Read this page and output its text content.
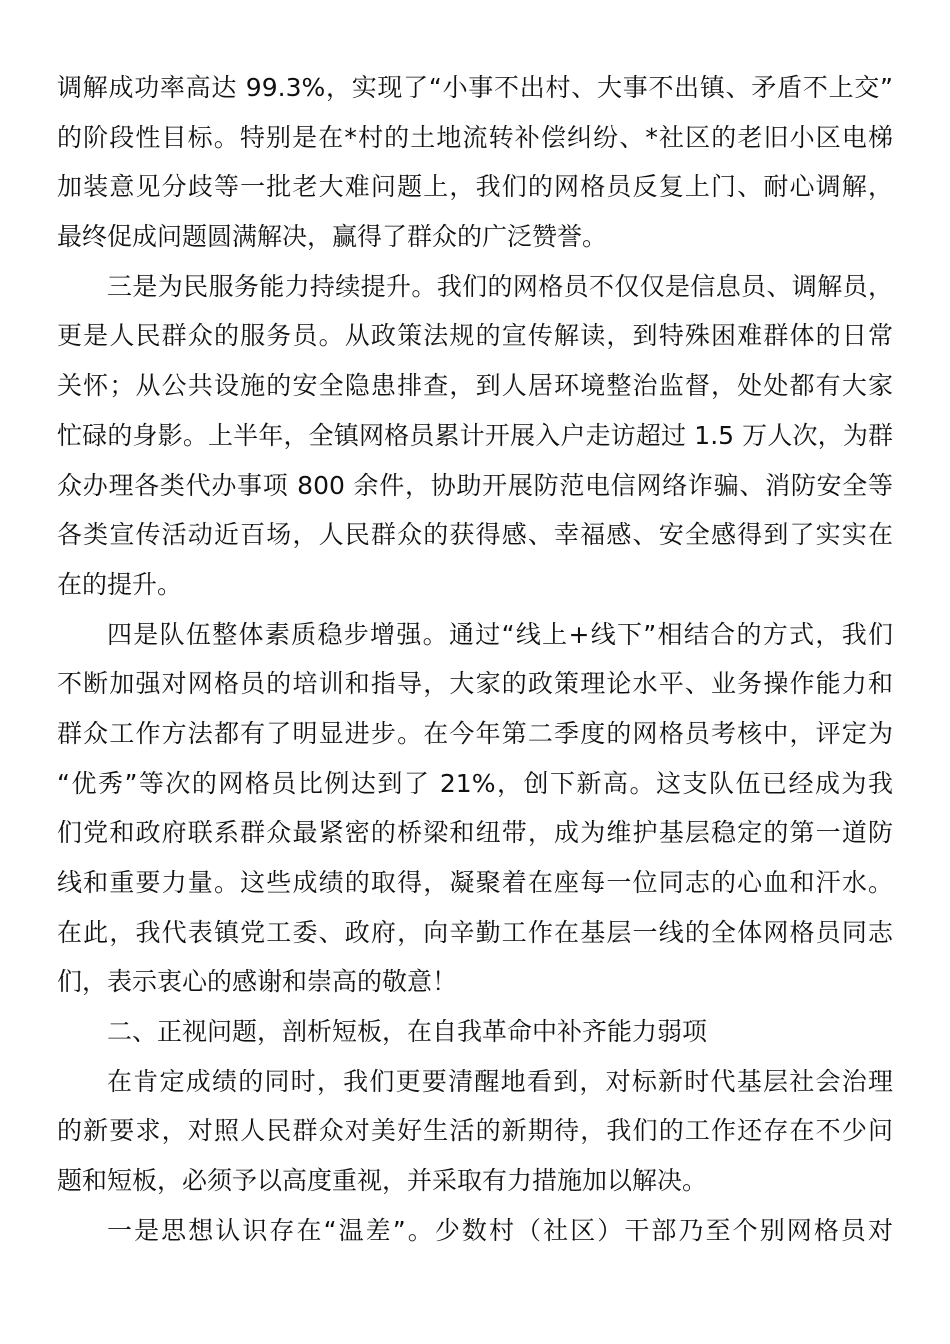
调解成功率高达 99.3%，实现了“小事不出村、大事不出镇、矛盾不上交”
的阶段性目标。特别是在*村的土地流转补偿纠纷、*社区的老旧小区电梯
加装意见分歧等一批老大难问题上，我们的网格员反复上门、耐心调解，
最终促成问题圆满解决，赢得了群众的广泛赞誉。
三是为民服务能力持续提升。我们的网格员不仅仅是信息员、调解员，
更是人民群众的服务员。从政策法规的宣传解读，到特殊困难群体的日常
关怀；从公共设施的安全隐患排查，到人居环境整治监督，处处都有大家
忙碌的身影。上半年，全镇网格员累计开展入户走访超过 1.5 万人次，为群
众办理各类代办事项 800 余件，协助开展防范电信网络诈骗、消防安全等
各类宣传活动近百场，人民群众的获得感、幸福感、安全感得到了实实在
在的提升。
四是队伍整体素质稳步增强。通过“线上+线下”相结合的方式，我们
不断加强对网格员的培训和指导，大家的政策理论水平、业务操作能力和
群众工作方法都有了明显进步。在今年第二季度的网格员考核中，评定为
“优秀”等次的网格员比例达到了 21%，创下新高。这支队伍已经成为我
们党和政府联系群众最紧密的桥梁和纽带，成为维护基层稳定的第一道防
线和重要力量。这些成绩的取得，凝聚着在座每一位同志的心血和汗水。
在此，我代表镇党工委、政府，向辛勤工作在基层一线的全体网格员同志
们，表示衷心的感谢和崇高的敬意！
二、正视问题，剖析短板，在自我革命中补齐能力弱项
在肯定成绩的同时，我们更要清醒地看到，对标新时代基层社会治理
的新要求，对照人民群众对美好生活的新期待，我们的工作还存在不少问
题和短板，必须予以高度重视，并采取有力措施加以解决。
一是思想认识存在“温差”。少数村（社区）干部乃至个别网格员对
